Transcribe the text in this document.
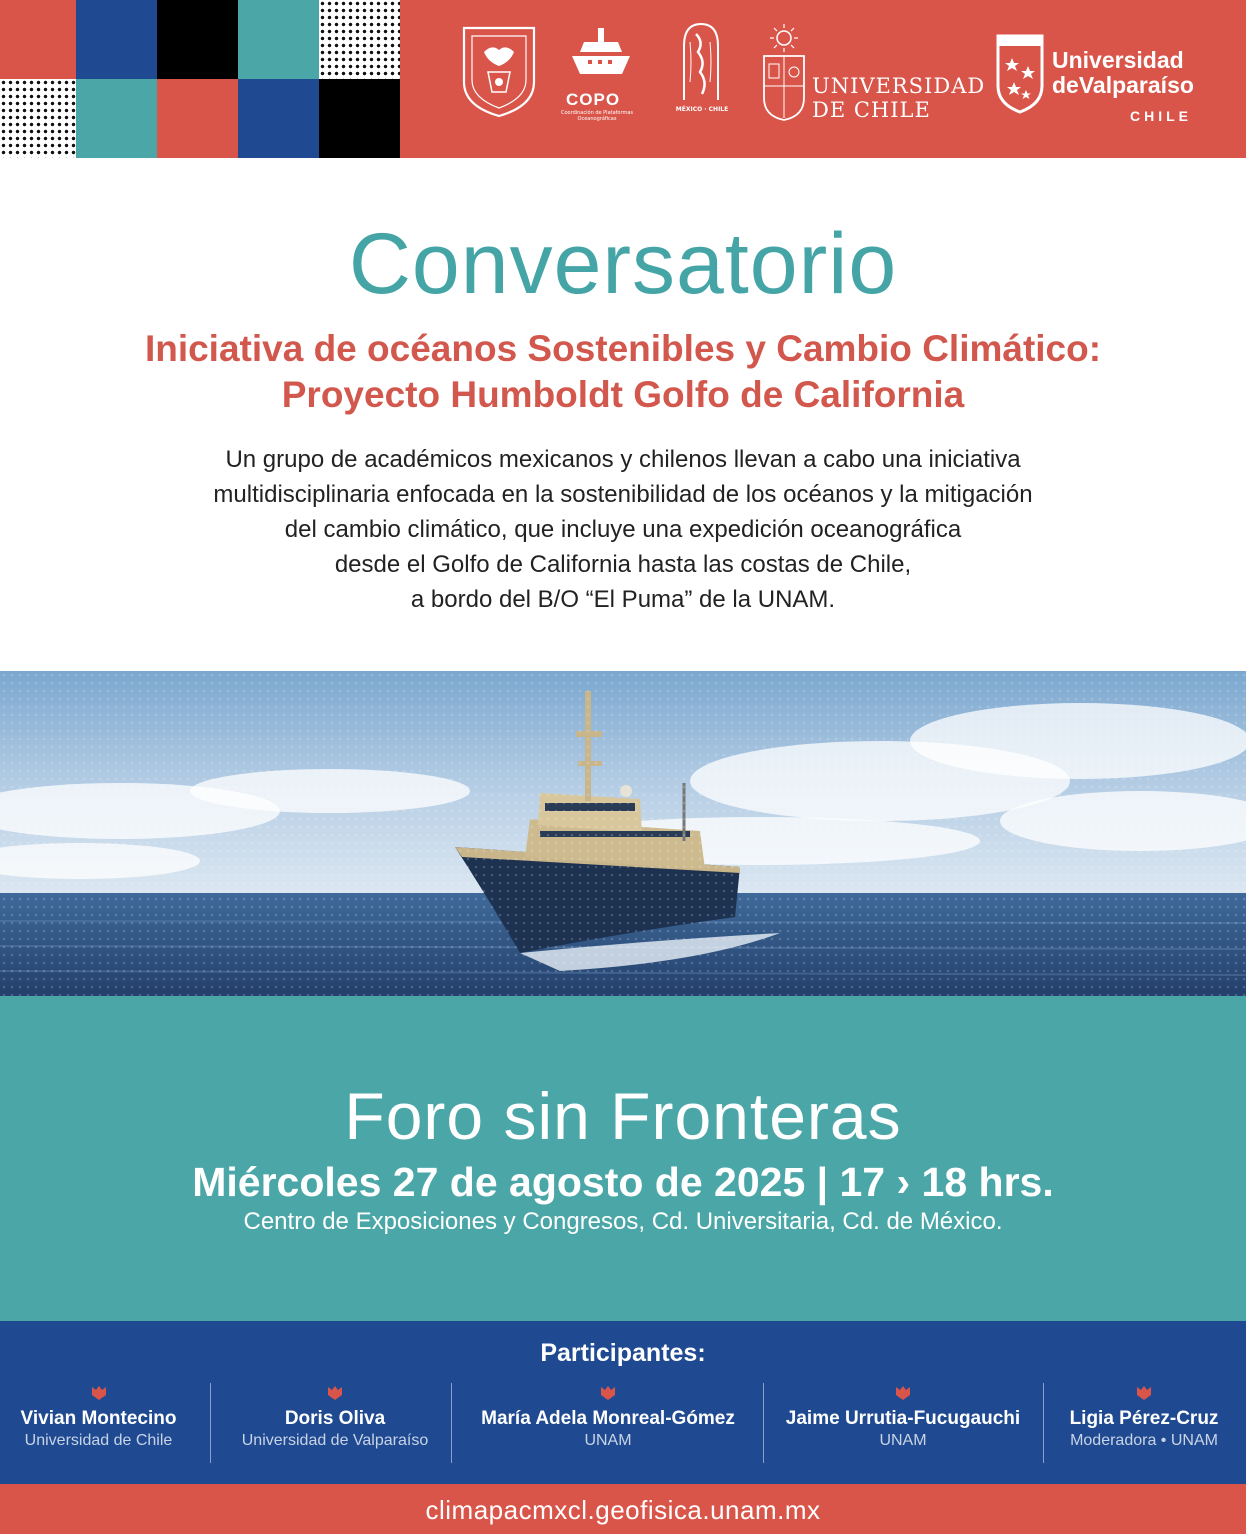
COPO
Coordinación de Plataformas Oceanográficas
MÉXICO · CHILE
UNIVERSIDAD
DE CHILE
Universidad
deValparaíso
CHILE
Conversatorio
Iniciativa de océanos Sostenibles y Cambio Climático:
Proyecto Humboldt Golfo de California
Un grupo de académicos mexicanos y chilenos llevan a cabo una iniciativa
multidisciplinaria enfocada en la sostenibilidad de los océanos y la mitigación
del cambio climático, que incluye una expedición oceanográfica
desde el Golfo de California hasta las costas de Chile,
a bordo del B/O “El Puma” de la UNAM.
Foro sin Fronteras
Miércoles 27 de agosto de 2025 | 17 › 18 hrs.
Centro de Exposiciones y Congresos, Cd. Universitaria, Cd. de México.
Participantes:
Vivian Montecino
Universidad de Chile
Doris Oliva
Universidad de Valparaíso
María Adela Monreal-Gómez
UNAM
Jaime Urrutia-Fucugauchi
UNAM
Ligia Pérez-Cruz
Moderadora • UNAM
climapacmxcl.geofisica.unam.mx
